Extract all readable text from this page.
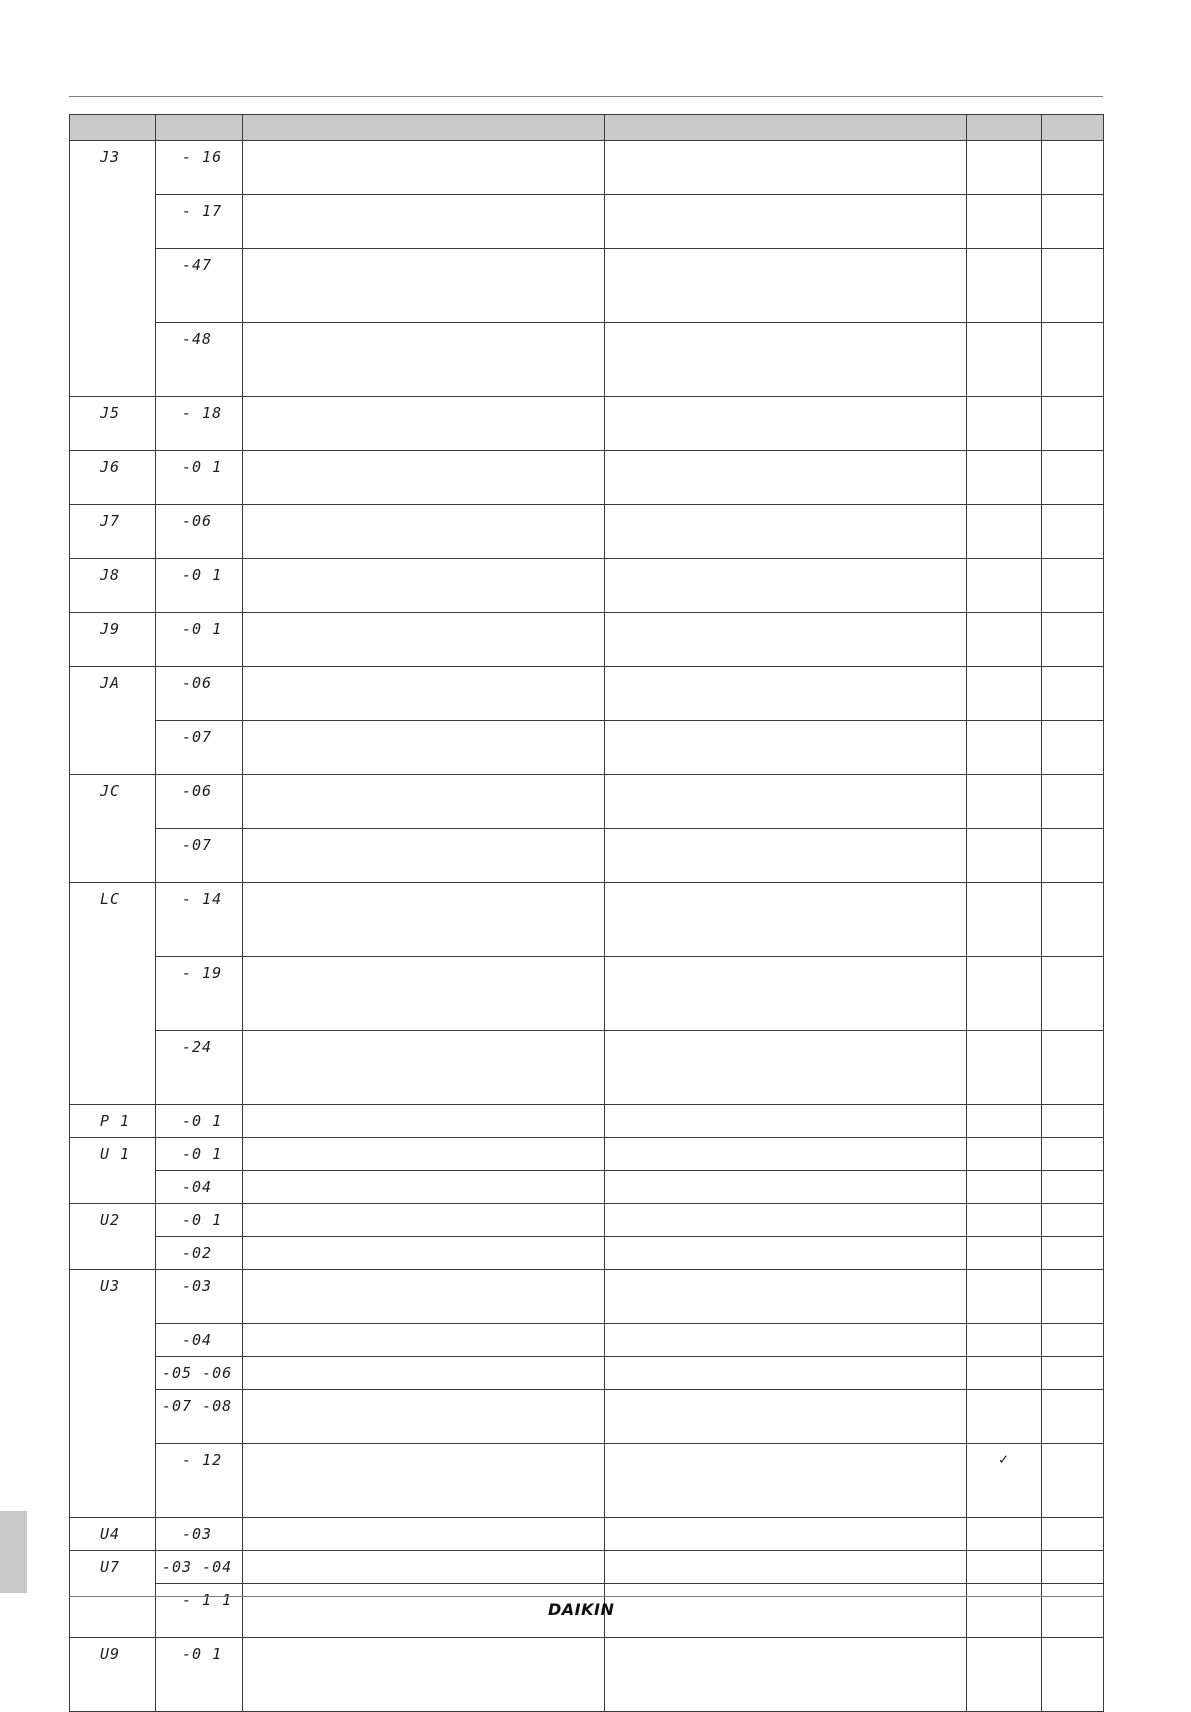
J3	- 16				
	- 17				
	-47				
	-48				
J5	- 18				
J6	-0 1				
J7	-06				
J8	-0 1				
J9	-0 1				
JA	-06				
	-07				
JC	-06				
	-07				
LC	- 14				
	- 19				
	-24				
P 1	-0 1				
U 1	-0 1				
	-04				
U2	-0 1				
	-02				
U3	-03				
	-04				
	-05 -06				
	-07 -08				
	- 12			✓	
U4	-03				
U7	-03 -04				
	- 1 1				
U9	-0 1				
DAIKIN
